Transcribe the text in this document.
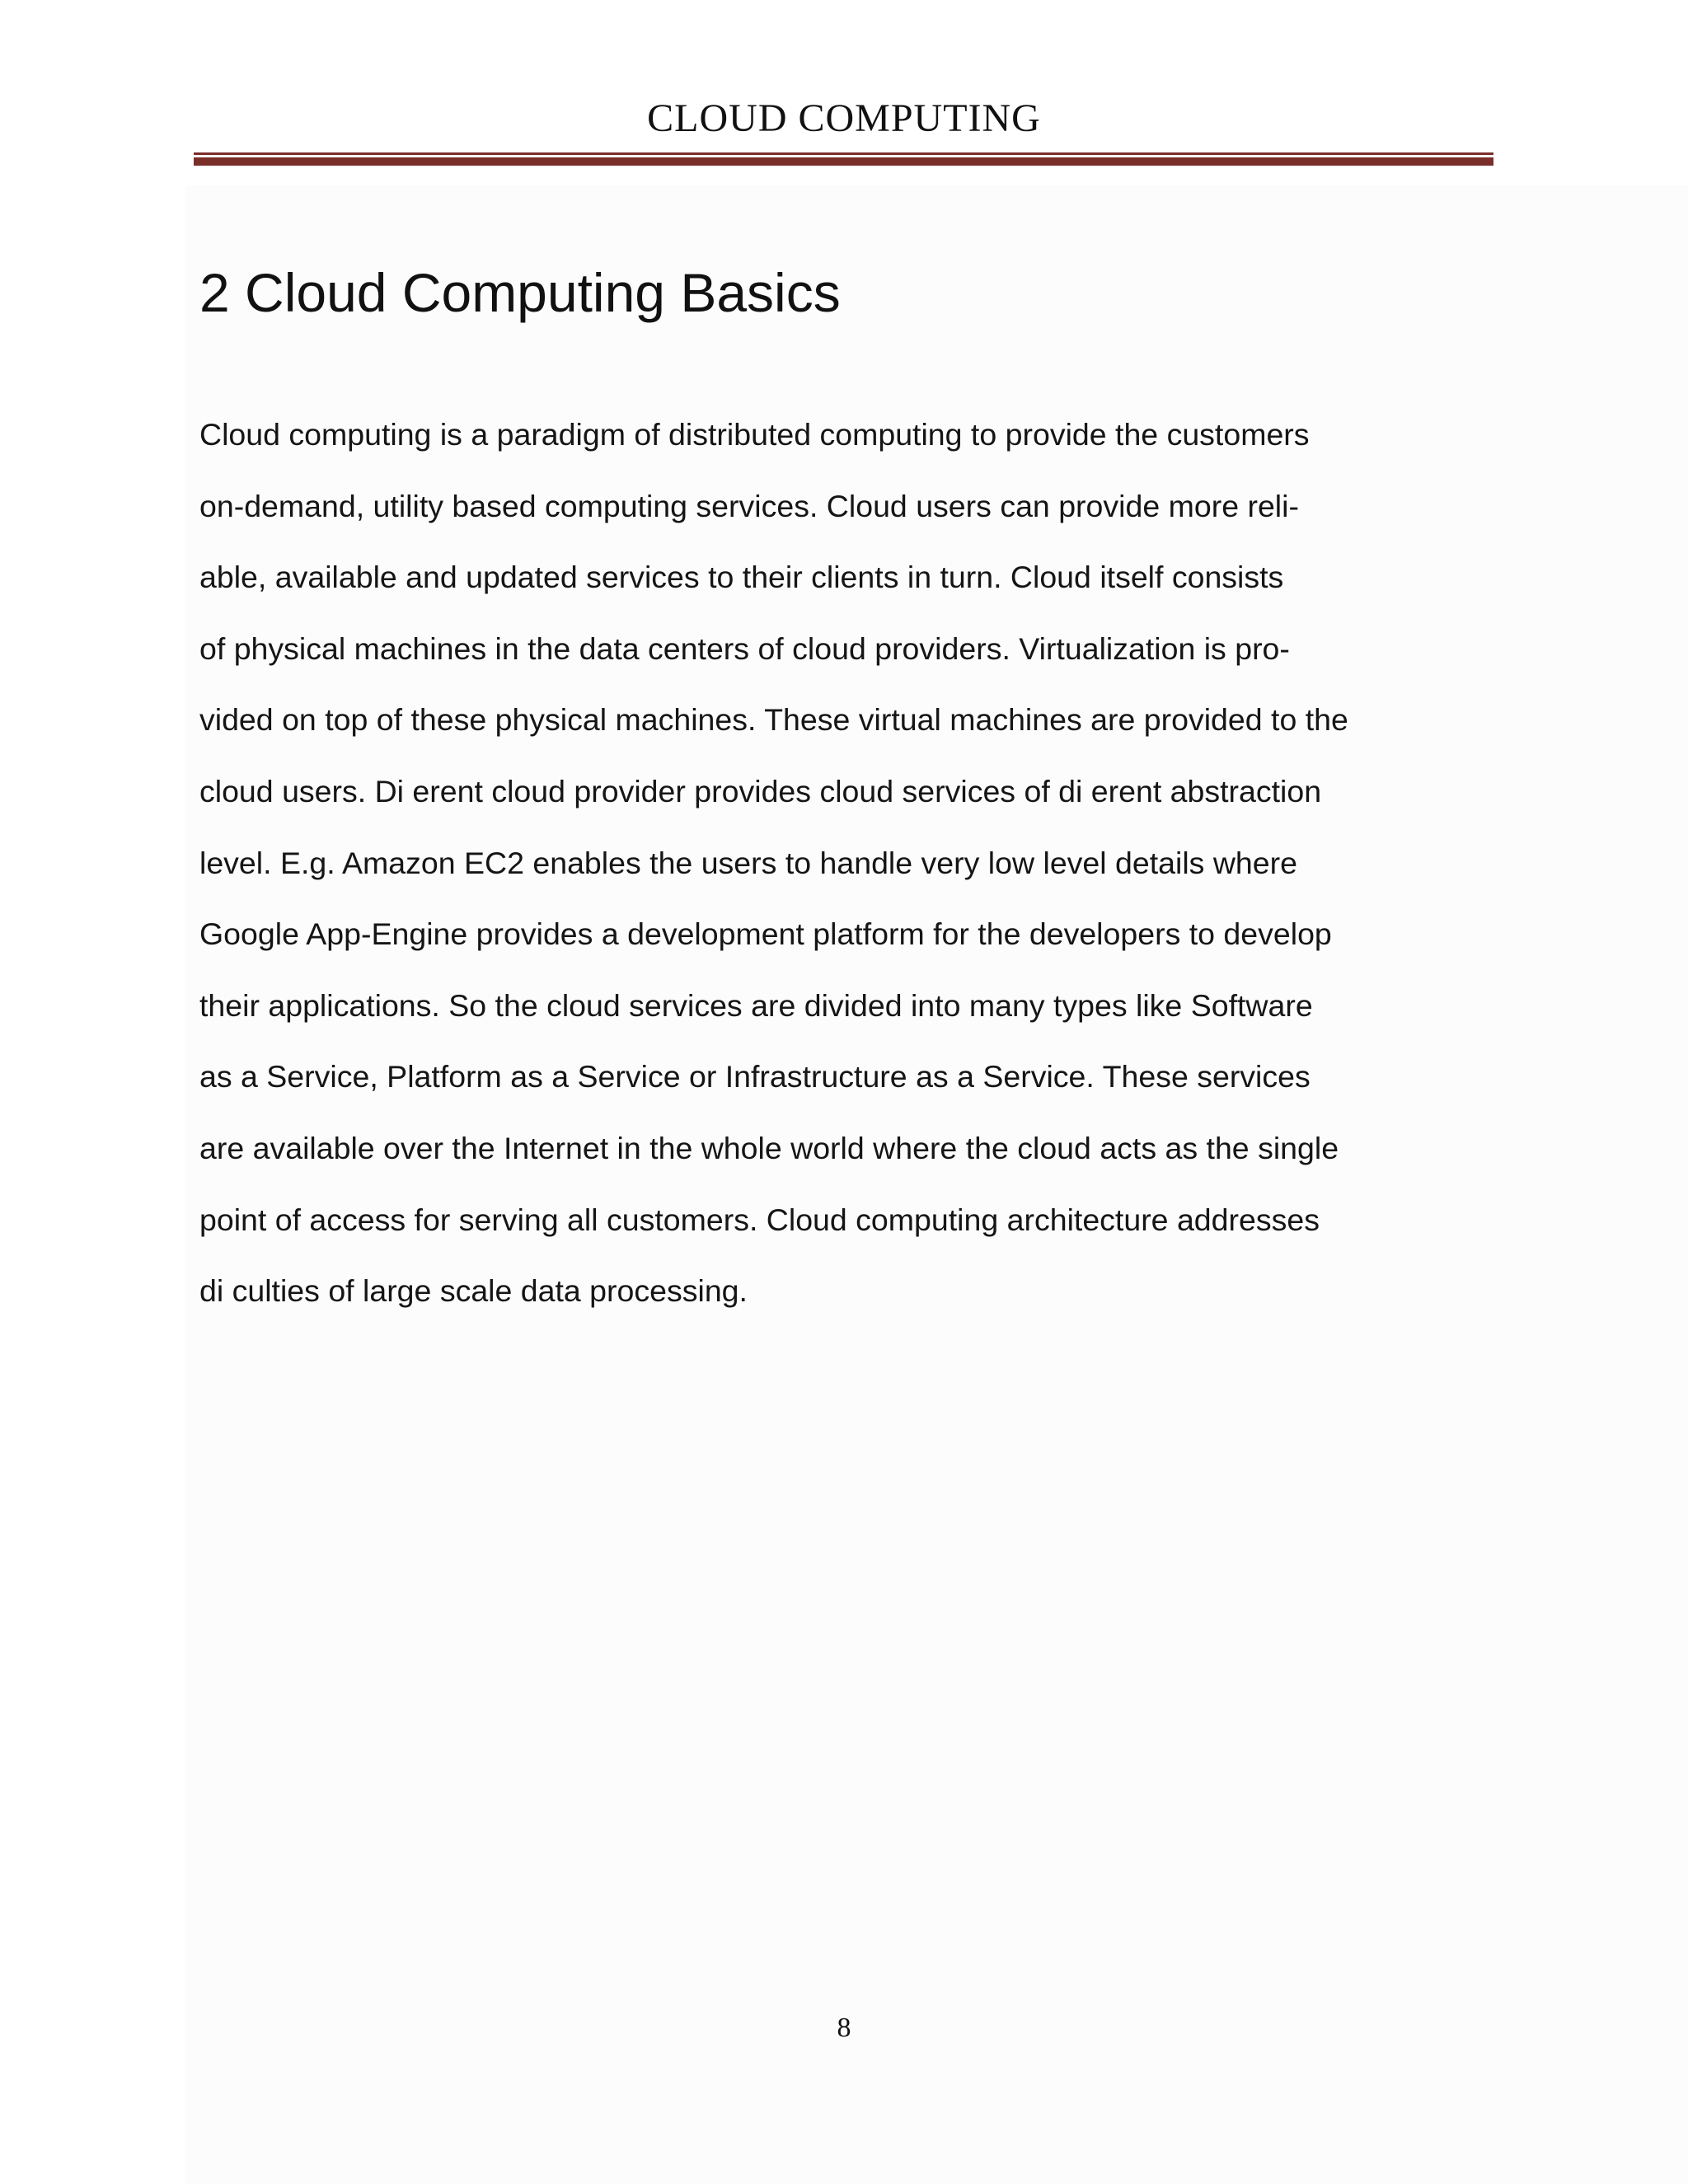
CLOUD COMPUTING
2 Cloud Computing Basics
Cloud computing is a paradigm of distributed computing to provide the customers
on-demand, utility based computing services. Cloud users can provide more reli-
able, available and updated services to their clients in turn. Cloud itself consists
of physical machines in the data centers of cloud providers. Virtualization is pro-
vided on top of these physical machines. These virtual machines are provided to the
cloud users. Di erent cloud provider provides cloud services of di erent abstraction
level. E.g. Amazon EC2 enables the users to handle very low level details where
Google App-Engine provides a development platform for the developers to develop
their applications. So the cloud services are divided into many types like Software
as a Service, Platform as a Service or Infrastructure as a Service. These services
are available over the Internet in the whole world where the cloud acts as the single
point of access for serving all customers. Cloud computing architecture addresses
di culties of large scale data processing.
8
